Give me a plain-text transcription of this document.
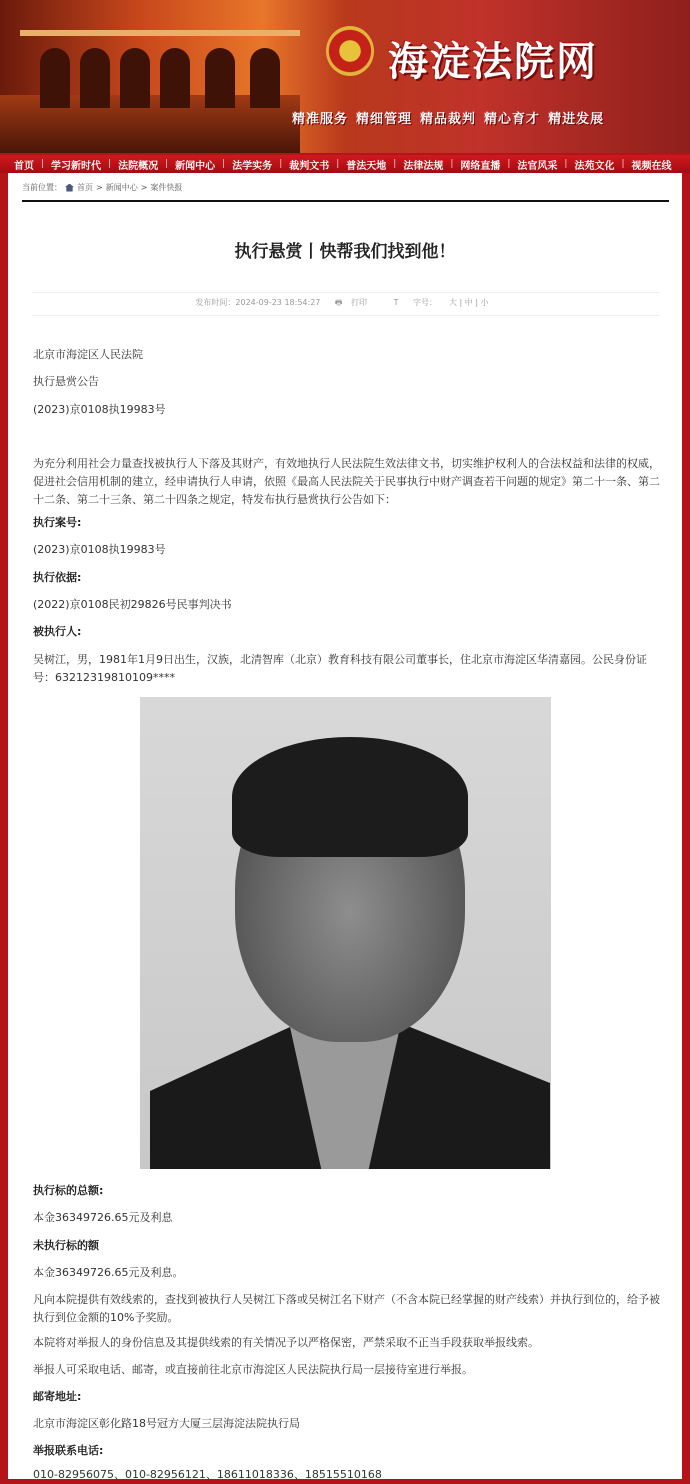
海淀法院网
精准服务 精细管理 精品裁判 精心育才 精进发展
首页 | 学习新时代 | 法院概况 | 新闻中心 | 法学实务 | 裁判文书 | 普法天地 | 法律法规 | 网络直播 | 法官风采 | 法苑文化 | 视频在线
当前位置： 首页 > 新闻中心 > 案件快报
执行悬赏丨快帮我们找到他！
发布时间：2024-09-23 18:54:27 🖶 打印	T 字号： 大 | 中 | 小
北京市海淀区人民法院
执行悬赏公告
(2023)京0108执19983号
为充分利用社会力量查找被执行人下落及其财产，有效地执行人民法院生效法律文书，切实维护权利人的合法权益和法律的权威，促进社会信用机制的建立，经申请执行人申请，依照《最高人民法院关于民事执行中财产调查若干问题的规定》第二十一条、第二十二条、第二十三条、第二十四条之规定，特发布执行悬赏执行公告如下：
执行案号:
(2023)京0108执19983号
执行依据:
(2022)京0108民初29826号民事判决书
被执行人:
吴树江，男，1981年1月9日出生，汉族，北清智库（北京）教育科技有限公司董事长，住北京市海淀区华清嘉园。公民身份证号：632123198101​09****
执行标的总额:
本金36349726.65元及利息
未执行标的额
本金36349726.65元及利息。
凡向本院提供有效线索的，查找到被执行人吴树江下落或吴树江名下财产（不含本院已经掌握的财产线索）并执行到位的，给予被执行到位金额的10%予奖励。
本院将对举报人的身份信息及其提供线索的有关情况予以严格保密，严禁采取不正当手段获取举报线索。
举报人可采取电话、邮寄，或直接前往北京市海淀区人民法院执行局一层接待室进行举报。
邮寄地址:
北京市海淀区彰化路18号冠方大厦三层海淀法院执行局
举报联系电话:
010-82956075、010-82956121、18611018336、18515510168
